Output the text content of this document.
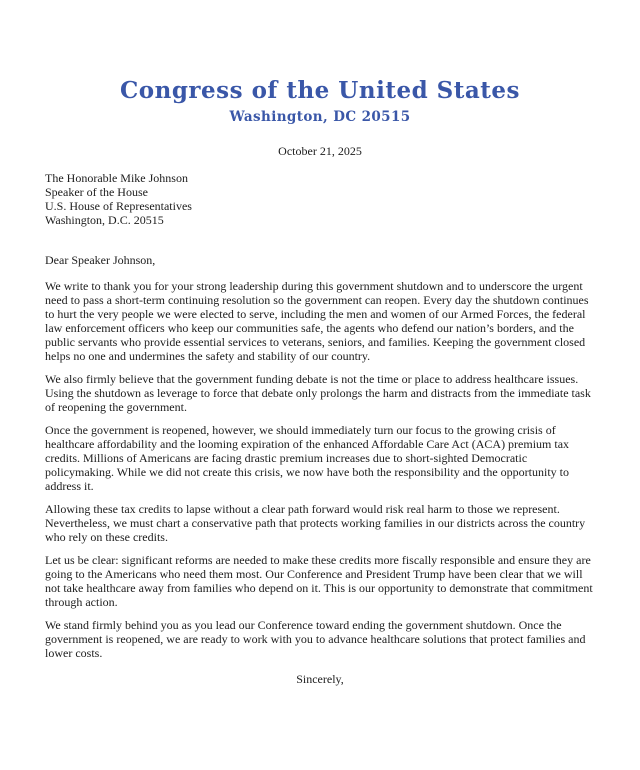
Congress of the United States
Washington, DC 20515
October 21, 2025
The Honorable Mike Johnson
Speaker of the House
U.S. House of Representatives
Washington, D.C. 20515
Dear Speaker Johnson,

We write to thank you for your strong leadership during this government shutdown and to underscore the urgent need to pass a short-term continuing resolution so the government can reopen. Every day the shutdown continues to hurt the very people we were elected to serve, including the men and women of our Armed Forces, the federal law enforcement officers who keep our communities safe, the agents who defend our nation’s borders, and the public servants who provide essential services to veterans, seniors, and families. Keeping the government closed helps no one and undermines the safety and stability of our country.

We also firmly believe that the government funding debate is not the time or place to address healthcare issues. Using the shutdown as leverage to force that debate only prolongs the harm and distracts from the immediate task of reopening the government.

Once the government is reopened, however, we should immediately turn our focus to the growing crisis of healthcare affordability and the looming expiration of the enhanced Affordable Care Act (ACA) premium tax credits. Millions of Americans are facing drastic premium increases due to short-sighted Democratic policymaking. While we did not create this crisis, we now have both the responsibility and the opportunity to address it.

Allowing these tax credits to lapse without a clear path forward would risk real harm to those we represent. Nevertheless, we must chart a conservative path that protects working families in our districts across the country who rely on these credits.

Let us be clear: significant reforms are needed to make these credits more fiscally responsible and ensure they are going to the Americans who need them most. Our Conference and President Trump have been clear that we will not take healthcare away from families who depend on it. This is our opportunity to demonstrate that commitment through action.

We stand firmly behind you as you lead our Conference toward ending the government shutdown. Once the government is reopened, we are ready to work with you to advance healthcare solutions that protect families and lower costs.

Sincerely,
